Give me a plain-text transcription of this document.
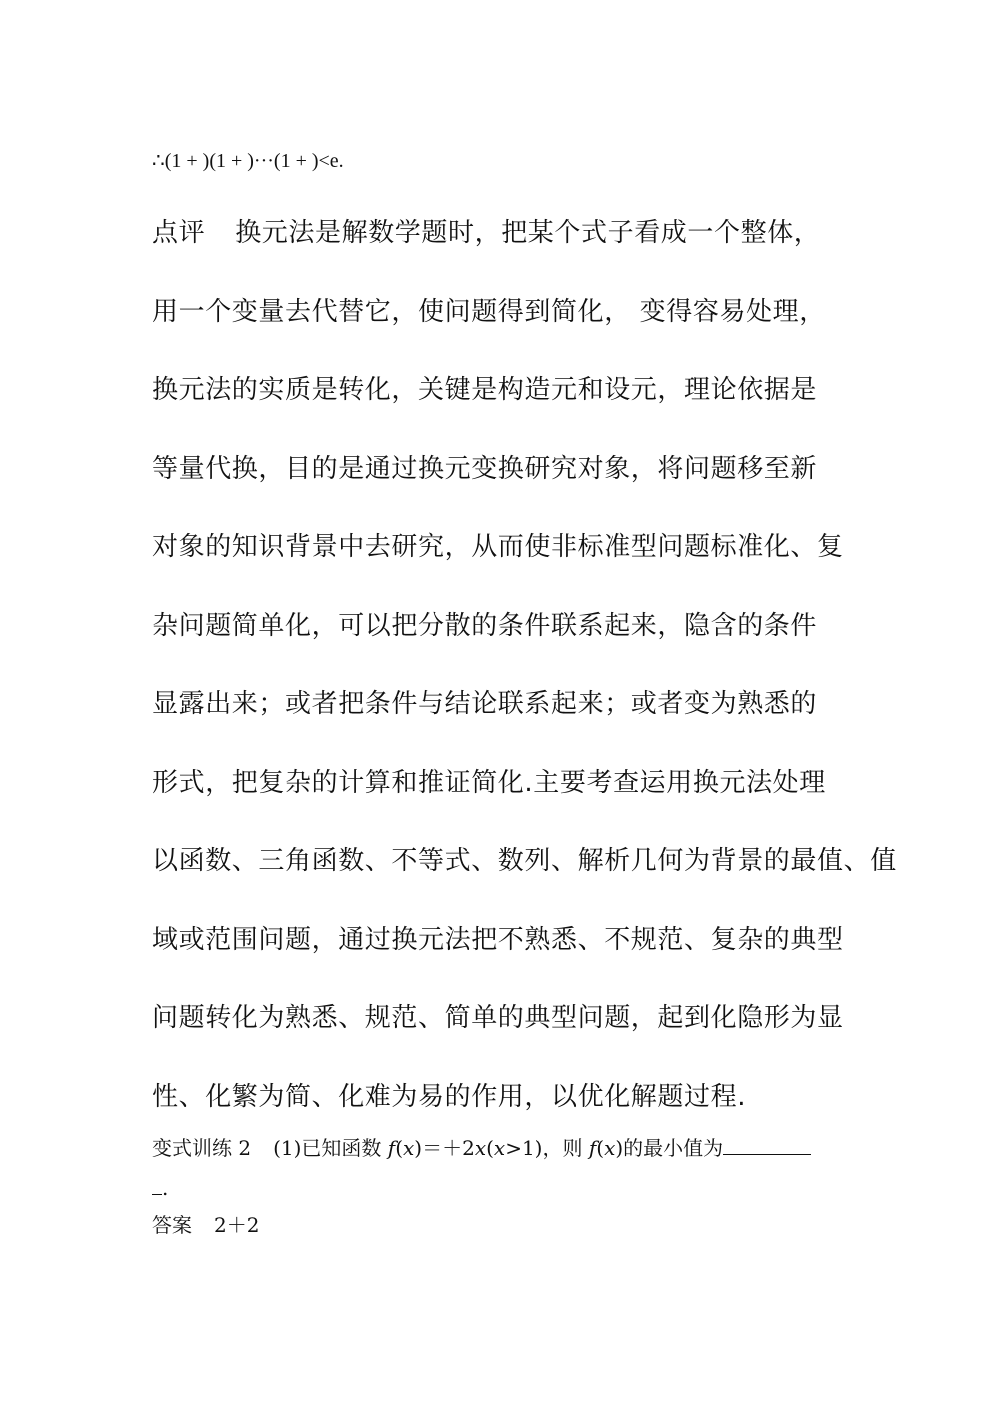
∴(1 + )(1 + )···(1 + )<e.
点评 换元法是解数学题时，把某个式子看成一个整体，
用一个变量去代替它，使问题得到简化， 变得容易处理，
换元法的实质是转化，关键是构造元和设元，理论依据是
等量代换，目的是通过换元变换研究对象，将问题移至新
对象的知识背景中去研究，从而使非标准型问题标准化、复
杂问题简单化，可以把分散的条件联系起来，隐含的条件
显露出来；或者把条件与结论联系起来；或者变为熟悉的
形式，把复杂的计算和推证简化.主要考查运用换元法处理
以函数、三角函数、不等式、数列、解析几何为背景的最值、值
域或范围问题，通过换元法把不熟悉、不规范、复杂的典型
问题转化为熟悉、规范、简单的典型问题，起到化隐形为显
性、化繁为简、化难为易的作用，以优化解题过程.
变式训练 2 (1)已知函数 f(x)＝＋2x(x>1)，则 f(x)的最小值为
.
答案 2＋2
